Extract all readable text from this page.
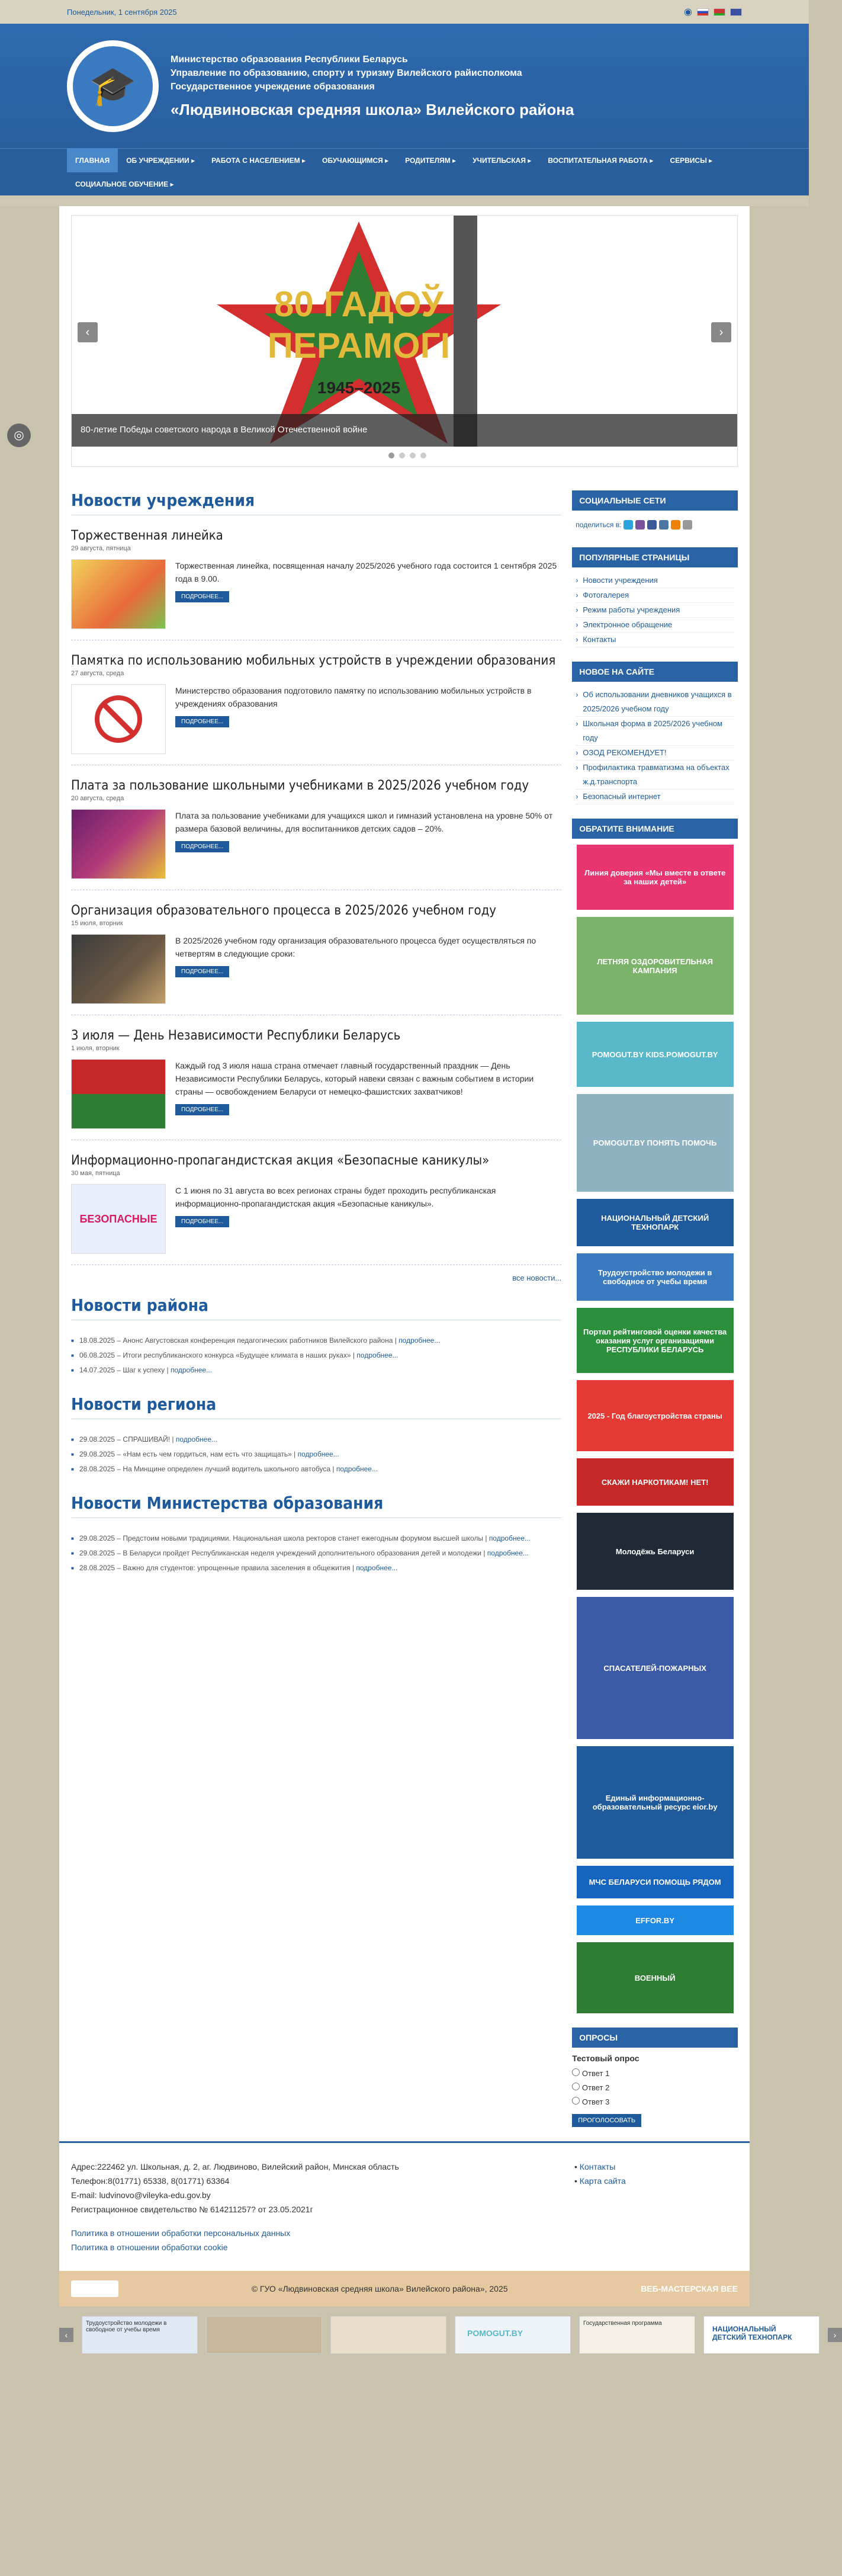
Понедельник, 1 сентября 2025	◉
🎓
Министерство образования Республики Беларусь
Управление по образованию, спорту и туризму Вилейского райисполкома
Государственное учреждение образования
«Людвиновская средняя школа» Вилейского района
ГЛАВНАЯ	ОБ УЧРЕЖДЕНИИ ▸	РАБОТА С НАСЕЛЕНИЕМ ▸	ОБУЧАЮЩИМСЯ ▸	РОДИТЕЛЯМ ▸	УЧИТЕЛЬСКАЯ ▸	ВОСПИТАТЕЛЬНАЯ РАБОТА ▸	СЕРВИСЫ ▸
СОЦИАЛЬНОЕ ОБУЧЕНИЕ ▸
◎
80 ГАДОЎ
ПЕРАМОГІ
1945–2025
‹	›
80-летие Победы советского народа в Великой Отечественной войне
Новости учреждения
Торжественная линейка
29 августа, пятница

Торжественная линейка, посвященная началу 2025/2026 учебного года состоится 1 сентября 2025 года в 9.00.

ПОДРОБНЕЕ...
Памятка по использованию мобильных устройств в учреждении образования
27 августа, среда

Министерство образования подготовило памятку по использованию мобильных устройств в учреждениях образования

ПОДРОБНЕЕ...
Плата за пользование школьными учебниками в 2025/2026 учебном году
20 августа, среда

Плата за пользование учебниками для учащихся школ и гимназий установлена на уровне 50% от размера базовой величины, для воспитанников детских садов – 20%.

ПОДРОБНЕЕ...
Организация образовательного процесса в 2025/2026 учебном году
15 июля, вторник

В 2025/2026 учебном году организация образовательного процесса будет осуществляться по четвертям в следующие сроки:

ПОДРОБНЕЕ...
3 июля — День Независимости Республики Беларусь
1 июля, вторник

Каждый год 3 июля наша страна отмечает главный государственный праздник — День Независимости Республики Беларусь, который навеки связан с важным событием в истории страны — освобождением Беларуси от немецко-фашистских захватчиков!

ПОДРОБНЕЕ...
Информационно-пропагандистская акция «Безопасные каникулы»
30 мая, пятница
БЕЗОПАСНЫЕ

С 1 июня по 31 августа во всех регионах страны будет проходить республиканская информационно-пропагандистская акция «Безопасные каникулы».

ПОДРОБНЕЕ...
все новости...
Новости района
■ 18.08.2025 – Анонс Августовская конференция педагогических работников Вилейского района | подробнее...
■ 06.08.2025 – Итоги республиканского конкурса «Будущее климата в наших руках» | подробнее...
■ 14.07.2025 – Шаг к успеху | подробнее...
Новости региона
■ 29.08.2025 – СПРАШИВАЙ! | подробнее...
■ 29.08.2025 – «Нам есть чем гордиться, нам есть что защищать» | подробнее...
■ 28.08.2025 – На Минщине определен лучший водитель школьного автобуса | подробнее...
Новости Министерства образования
■ 29.08.2025 – Предстоим новыми традициями. Национальная школа ректоров станет ежегодным форумом высшей школы | подробнее...
■ 29.08.2025 – В Беларуси пройдет Республиканская неделя учреждений дополнительного образования детей и молодежи | подробнее...
■ 28.08.2025 – Важно для студентов: упрощенные правила заселения в общежития | подробнее...
СОЦИАЛЬНЫЕ СЕТИ
поделиться в:
ПОПУЛЯРНЫЕ СТРАНИЦЫ
› Новости учреждения
› Фотогалерея
› Режим работы учреждения
› Электронное обращение
› Контакты
НОВОЕ НА САЙТЕ
› Об использовании дневников учащихся в 2025/2026 учебном году
› Школьная форма в 2025/2026 учебном году
› ОЗОД РЕКОМЕНДУЕТ!
› Профилактика травматизма на объектах ж.д.транспорта
› Безопасный интернет
ОБРАТИТЕ ВНИМАНИЕ
Линия доверия «Мы вместе в ответе за наших детей»
ЛЕТНЯЯ ОЗДОРОВИТЕЛЬНАЯ КАМПАНИЯ
POMOGUT.BY KIDS.POMOGUT.BY
POMOGUT.BY ПОНЯТЬ ПОМОЧЬ
НАЦИОНАЛЬНЫЙ ДЕТСКИЙ ТЕХНОПАРК
Трудоустройство молодежи в свободное от учебы время
Портал рейтинговой оценки качества оказания услуг организациями РЕСПУБЛИКИ БЕЛАРУСЬ
2025 - Год благоустройства страны
СКАЖИ НАРКОТИКАМ! НЕТ!
Молодёжь Беларуси
СПАСАТЕЛЕЙ-ПОЖАРНЫХ
Единый информационно-образовательный ресурс eior.by
МЧС БЕЛАРУСИ ПОМОЩЬ РЯДОМ
EFFOR.BY
ВОЕННЫЙ
ОПРОСЫ
Тестовый опрос
Ответ 1
Ответ 2
Ответ 3
ПРОГОЛОСОВАТЬ
Адрес:222462 ул. Школьная, д. 2, аг. Людвиново, Вилейский район, Минская область
Телефон:8(01771) 65338, 8(01771) 63364
E-mail: ludvinovo@vileyka-edu.gov.by
Регистрационное свидетельство № 614211257? от 23.05.2021г
Политика в отношении обработки персональных данных
Политика в отношении обработки cookie
• Контакты
• Карта сайта
© ГУО «Людвиновская средняя школа» Вилейского района», 2025	ВЕБ-МАСТЕРСКАЯ BEE
‹
Трудоустройство молодежи в свободное от учебы время	POMOGUT.BY
Государственная программа
НАЦИОНАЛЬНЫЙ ДЕТСКИЙ ТЕХНОПАРК	›
